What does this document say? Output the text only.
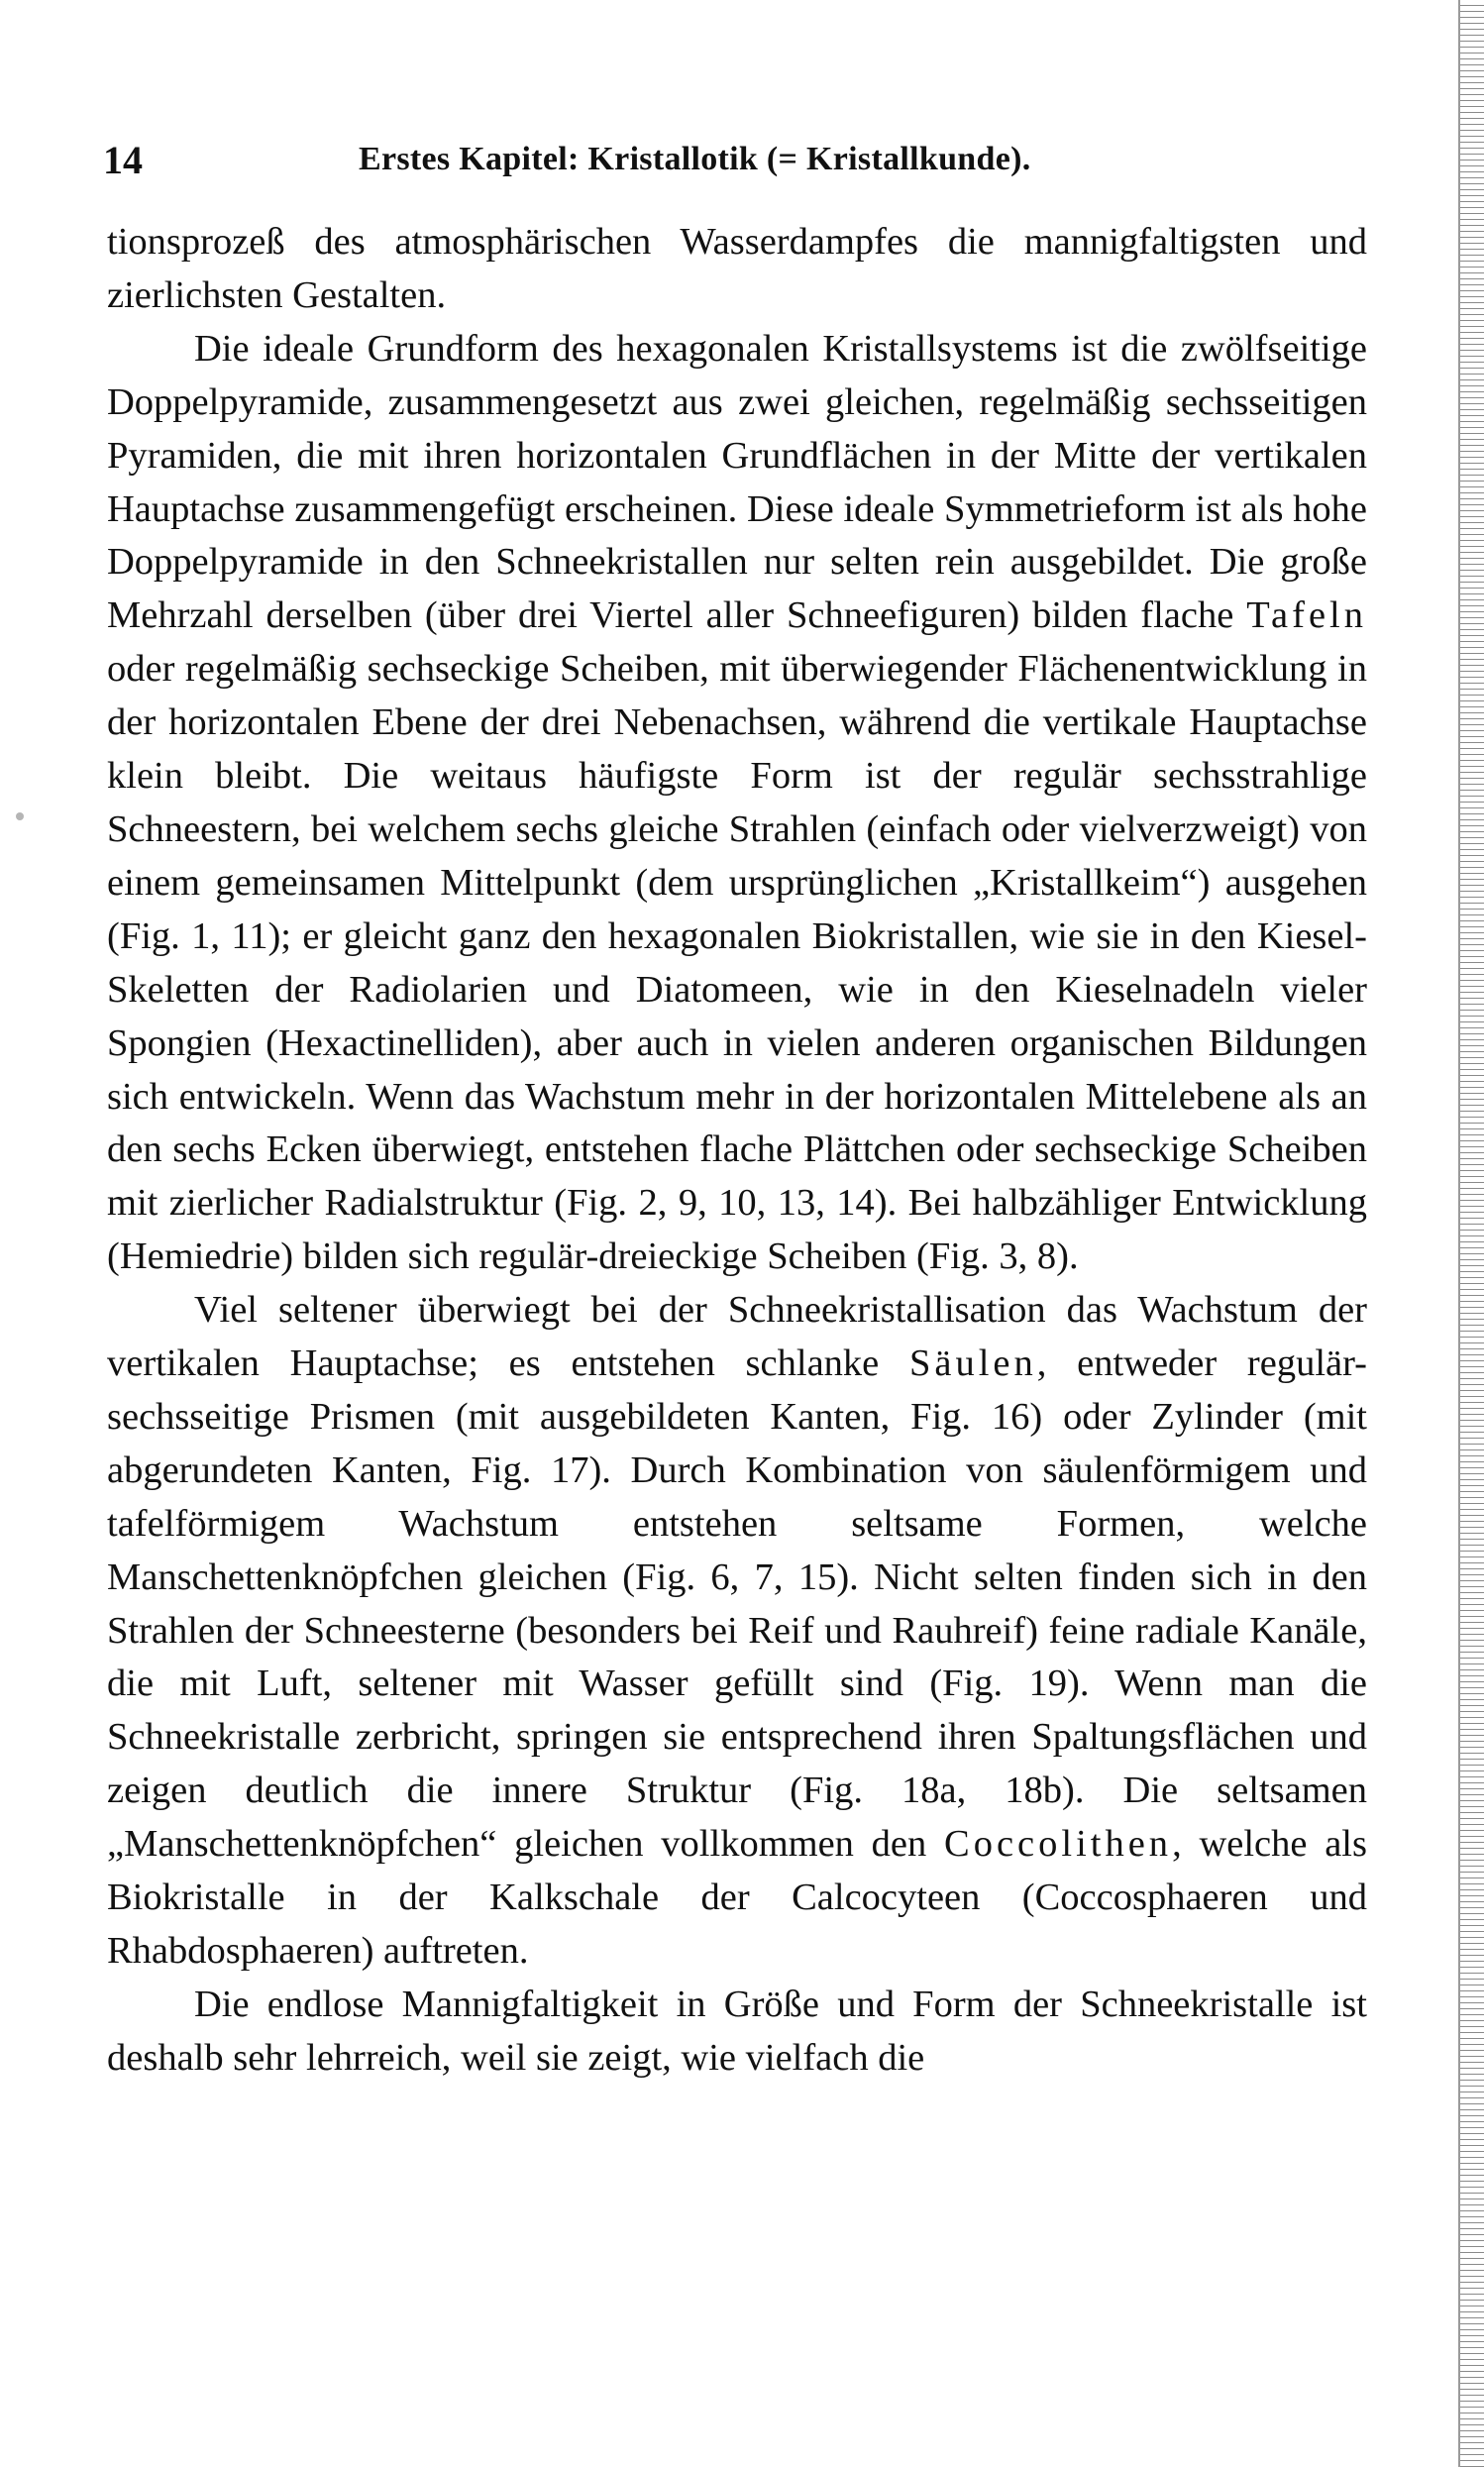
14	Erstes Kapitel: Kristallotik (= Kristallkunde).

tionsprozeß des atmosphärischen Wasserdampfes die mannigfaltigsten und zierlichsten Gestalten.

Die ideale Grundform des hexagonalen Kristallsystems ist die zwölfseitige Doppelpyramide, zusammengesetzt aus zwei gleichen, regelmäßig sechsseitigen Pyramiden, die mit ihren horizontalen Grundflächen in der Mitte der vertikalen Hauptachse zusammengefügt erscheinen. Diese ideale Symmetrieform ist als hohe Doppelpyramide in den Schneekristallen nur selten rein ausgebildet. Die große Mehrzahl derselben (über drei Viertel aller Schneefiguren) bilden flache Tafeln oder regelmäßig sechseckige Scheiben, mit überwiegender Flächenentwicklung in der horizontalen Ebene der drei Nebenachsen, während die vertikale Hauptachse klein bleibt. Die weitaus häufigste Form ist der regulär sechsstrahlige Schneestern, bei welchem sechs gleiche Strahlen (einfach oder vielverzweigt) von einem gemeinsamen Mittelpunkt (dem ursprünglichen „Kristallkeim“) ausgehen (Fig. 1, 11); er gleicht ganz den hexagonalen Biokristallen, wie sie in den Kiesel-Skeletten der Radiolarien und Diatomeen, wie in den Kieselnadeln vieler Spongien (Hexactinelliden), aber auch in vielen anderen organischen Bildungen sich entwickeln. Wenn das Wachstum mehr in der horizontalen Mittelebene als an den sechs Ecken überwiegt, entstehen flache Plättchen oder sechseckige Scheiben mit zierlicher Radialstruktur (Fig. 2, 9, 10, 13, 14). Bei halbzähliger Entwicklung (Hemiedrie) bilden sich regulär-dreieckige Scheiben (Fig. 3, 8).

Viel seltener überwiegt bei der Schneekristallisation das Wachstum der vertikalen Hauptachse; es entstehen schlanke Säulen, entweder regulär-sechsseitige Prismen (mit ausgebildeten Kanten, Fig. 16) oder Zylinder (mit abgerundeten Kanten, Fig. 17). Durch Kombination von säulenförmigem und tafelförmigem Wachstum entstehen seltsame Formen, welche Manschettenknöpfchen gleichen (Fig. 6, 7, 15). Nicht selten finden sich in den Strahlen der Schneesterne (besonders bei Reif und Rauhreif) feine radiale Kanäle, die mit Luft, seltener mit Wasser gefüllt sind (Fig. 19). Wenn man die Schneekristalle zerbricht, springen sie entsprechend ihren Spaltungsflächen und zeigen deutlich die innere Struktur (Fig. 18a, 18b). Die seltsamen „Manschettenknöpfchen“ gleichen vollkommen den Coccolithen, welche als Biokristalle in der Kalkschale der Calcocyteen (Coccosphaeren und Rhabdosphaeren) auftreten.

Die endlose Mannigfaltigkeit in Größe und Form der Schneekristalle ist deshalb sehr lehrreich, weil sie zeigt, wie vielfach die
